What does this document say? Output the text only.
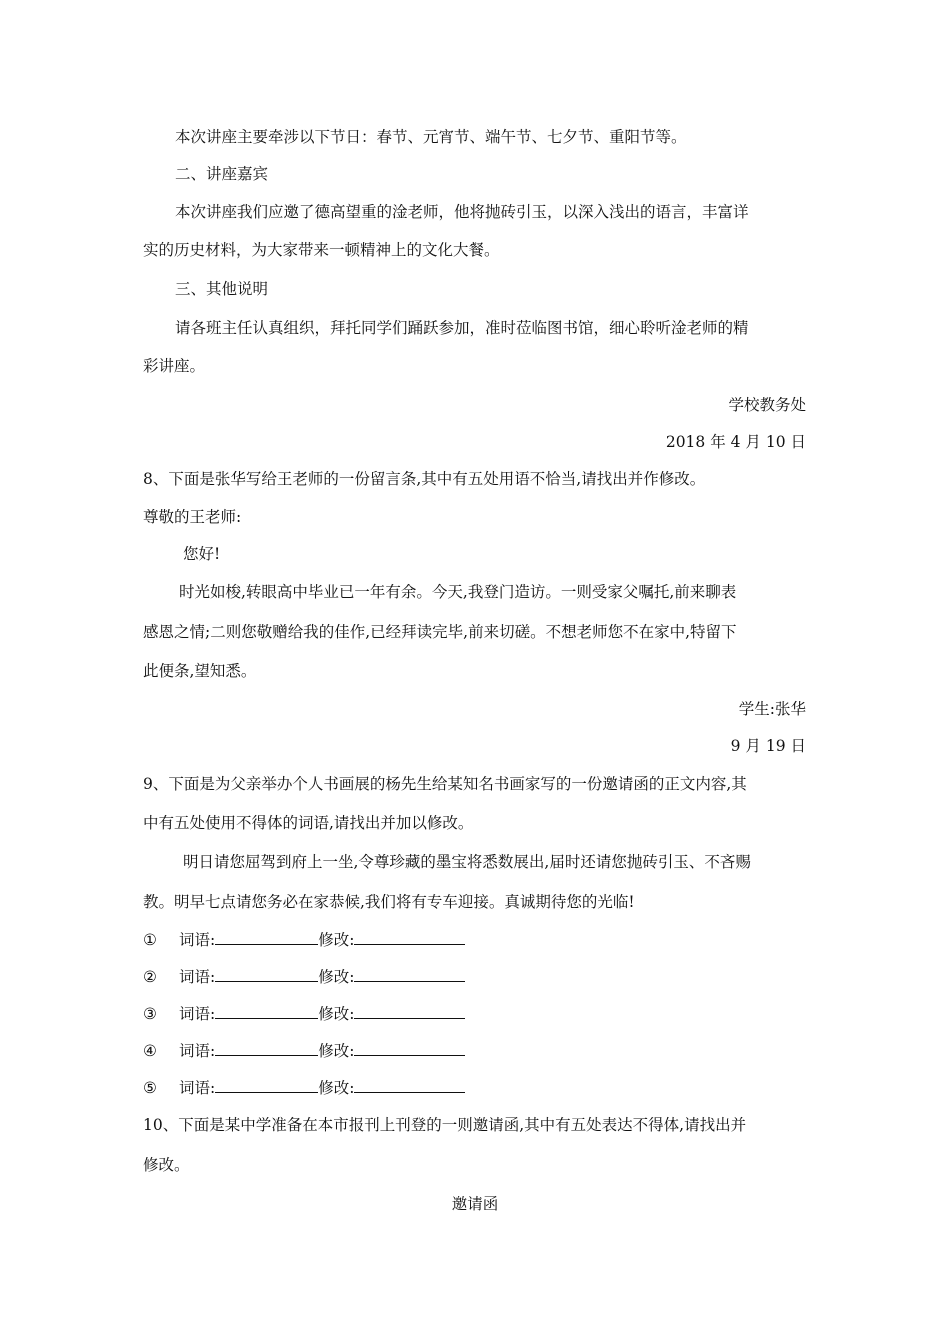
本次讲座主要牵涉以下节日：春节、元宵节、端午节、七夕节、重阳节等。
二、讲座嘉宾
本次讲座我们应邀了德高望重的淦老师，他将抛砖引玉，以深入浅出的语言，丰富详
实的历史材料，为大家带来一顿精神上的文化大餐。
三、其他说明
请各班主任认真组织，拜托同学们踊跃参加，准时莅临图书馆，细心聆听淦老师的精
彩讲座。
学校教务处
2018 年 4 月 10 日
8、下面是张华写给王老师的一份留言条,其中有五处用语不恰当,请找出并作修改。
尊敬的王老师:
您好!
时光如梭,转眼高中毕业已一年有余。今天,我登门造访。一则受家父嘱托,前来聊表
感恩之情;二则您敬赠给我的佳作,已经拜读完毕,前来切磋。不想老师您不在家中,特留下
此便条,望知悉。
学生:张华
9 月 19 日
9、下面是为父亲举办个人书画展的杨先生给某知名书画家写的一份邀请函的正文内容,其
中有五处使用不得体的词语,请找出并加以修改。
明日请您屈驾到府上一坐,令尊珍藏的墨宝将悉数展出,届时还请您抛砖引玉、不吝赐
教。明早七点请您务必在家恭候,我们将有专车迎接。真诚期待您的光临!
① 词语:	修改:
② 词语:	修改:
③ 词语:	修改:
④ 词语:	修改:
⑤ 词语:	修改:
10、下面是某中学准备在本市报刊上刊登的一则邀请函,其中有五处表达不得体,请找出并
修改。
邀请函
